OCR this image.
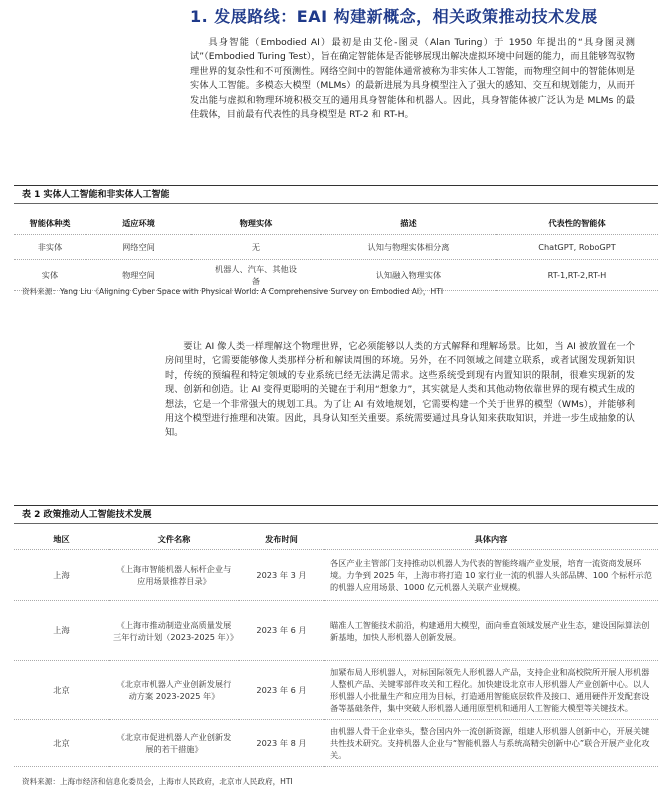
1. 发展路线：EAI 构建新概念，相关政策推动技术发展
具身智能（Embodied AI）最初是由艾伦-图灵（Alan Turing）于 1950 年提出的“具身图灵测试”（Embodied Turing Test），旨在确定智能体是否能够展现出解决虚拟环境中问题的能力，而且能够驾驭物理世界的复杂性和不可预测性。网络空间中的智能体通常被称为非实体人工智能，而物理空间中的智能体则是实体人工智能。多模态大模型（MLMs）的最新进展为具身模型注入了强大的感知、交互和规划能力，从而开发出能与虚拟和物理环境积极交互的通用具身智能体和机器人。因此，具身智能体被广泛认为是 MLMs 的最佳载体，目前最有代表性的具身模型是 RT-2 和 RT-H。
表 1 实体人工智能和非实体人工智能
智能体种类	适应环境	物理实体	描述	代表性的智能体
非实体	网络空间	无	认知与物理实体相分离	ChatGPT, RoboGPT
实体	物理空间	机器人、汽车、其他设备	认知融入物理实体	RT-1,RT-2,RT-H
资料来源：Yang Liu《Aligning Cyber Space with Physical World: A Comprehensive Survey on Embodied AI》，HTI
要让 AI 像人类一样理解这个物理世界，它必须能够以人类的方式解释和理解场景。比如，当 AI 被放置在一个房间里时，它需要能够像人类那样分析和解读周围的环境。另外，在不同领域之间建立联系，或者试图发现新知识时，传统的预编程和特定领域的专业系统已经无法满足需求。这些系统受到现有内置知识的限制，很难实现新的发现、创新和创造。让 AI 变得更聪明的关键在于利用“想象力”，其实就是人类和其他动物依靠世界的现有模式生成的想法，它是一个非常强大的规划工具。为了让 AI 有效地规划，它需要构建一个关于世界的模型（WMs），并能够利用这个模型进行推理和决策。因此，具身认知至关重要。系统需要通过具身认知来获取知识，并进一步生成抽象的认知。
表 2 政策推动人工智能技术发展
地区	文件名称	发布时间	具体内容
上海	《上海市智能机器人标杆企业与应用场景推荐目录》	2023 年 3 月	各区产业主管部门支持推动以机器人为代表的智能终端产业发展，培育一流资商发展环境。力争到 2025 年，上海市将打造 10 家行业一流的机器人头部品牌、100 个标杆示范的机器人应用场景、1000 亿元机器人关联产业规模。
上海	《上海市推动制造业高质量发展三年行动计划（2023-2025 年）》	2023 年 6 月	瞄准人工智能技术前沿，构建通用大模型，面向垂直领域发展产业生态，建设国际算法创新基地，加快人形机器人创新发展。
北京	《北京市机器人产业创新发展行动方案 2023-2025 年》	2023 年 6 月	加紧布局人形机器人，对标国际领先人形机器人产品，支持企业和高校院所开展人形机器人整机产品、关键零部件攻关和工程化。加快建设北京市人形机器人产业创新中心。以人形机器人小批量生产和应用为目标，打造通用智能底层软件及接口、通用硬件开发配套设备等基础条件，集中突破人形机器人通用原型机和通用人工智能大模型等关键技术。
北京	《北京市促进机器人产业创新发展的若干措施》	2023 年 8 月	由机器人骨干企业牵头，整合国内外一流创新资源，组建人形机器人创新中心，开展关键共性技术研究。支持机器人企业与“智能机器人与系统高精尖创新中心”联合开展产业化攻关。
资料来源：上海市经济和信息化委员会，上海市人民政府，北京市人民政府，HTI
